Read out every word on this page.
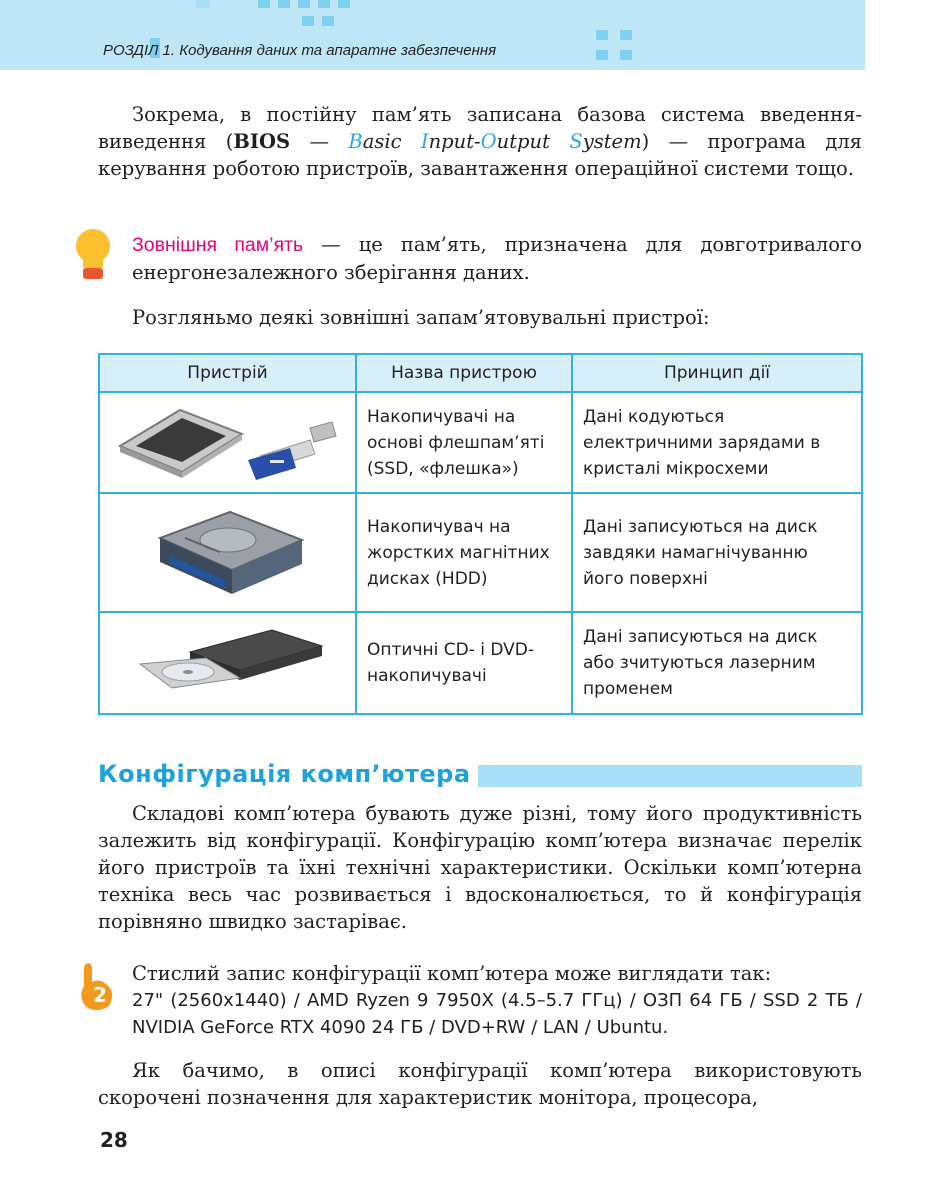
РОЗДІЛ 1. Кодування даних та апаратне забезпечення
Зокрема, в постійну пам’ять записана базова система введення-виведення (BIOS — Basic Input-Output System) — програма для керування роботою пристроїв, завантаження операційної системи тощо.
Зовнішня пам’ять — це пам’ять, призначена для довготривалого енергонезалежного зберігання даних.
Розгляньмо деякі зовнішні запам’ятовувальні пристрої:
Пристрій	Назва пристрою	Принцип дії

	Накопичувачі на основі флешпам’яті (SSD, «флешка»)	Дані кодуються електричними зарядами в кристалі мікросхеми

	Накопичувач на жорстких магнітних дисках (HDD)	Дані записуються на диск завдяки намагнічуванню його поверхні

	Оптичні CD- і DVD-накопичувачі	Дані записуються на диск або зчитуються лазерним променем
Конфігурація комп’ютера
Складові комп’ютера бувають дуже різні, тому його продуктивність залежить від конфігурації. Конфігурацію комп’ютера визначає перелік його пристроїв та їхні технічні характеристики. Оскільки комп’ютерна техніка весь час розвивається і вдосконалюється, то й конфігурація порівняно швидко застаріває.
2
Стислий запис конфігурації комп’ютера може виглядати так:
27" (2560x1440) / AMD Ryzen 9 7950X (4.5–5.7 ГГц) / ОЗП 64 ГБ / SSD 2 ТБ / NVIDIA GeForce RTX 4090 24 ГБ / DVD+RW / LAN / Ubuntu.
Як бачимо, в описі конфігурації комп’ютера використовують скорочені позначення для характеристик монітора, процесора,
28
